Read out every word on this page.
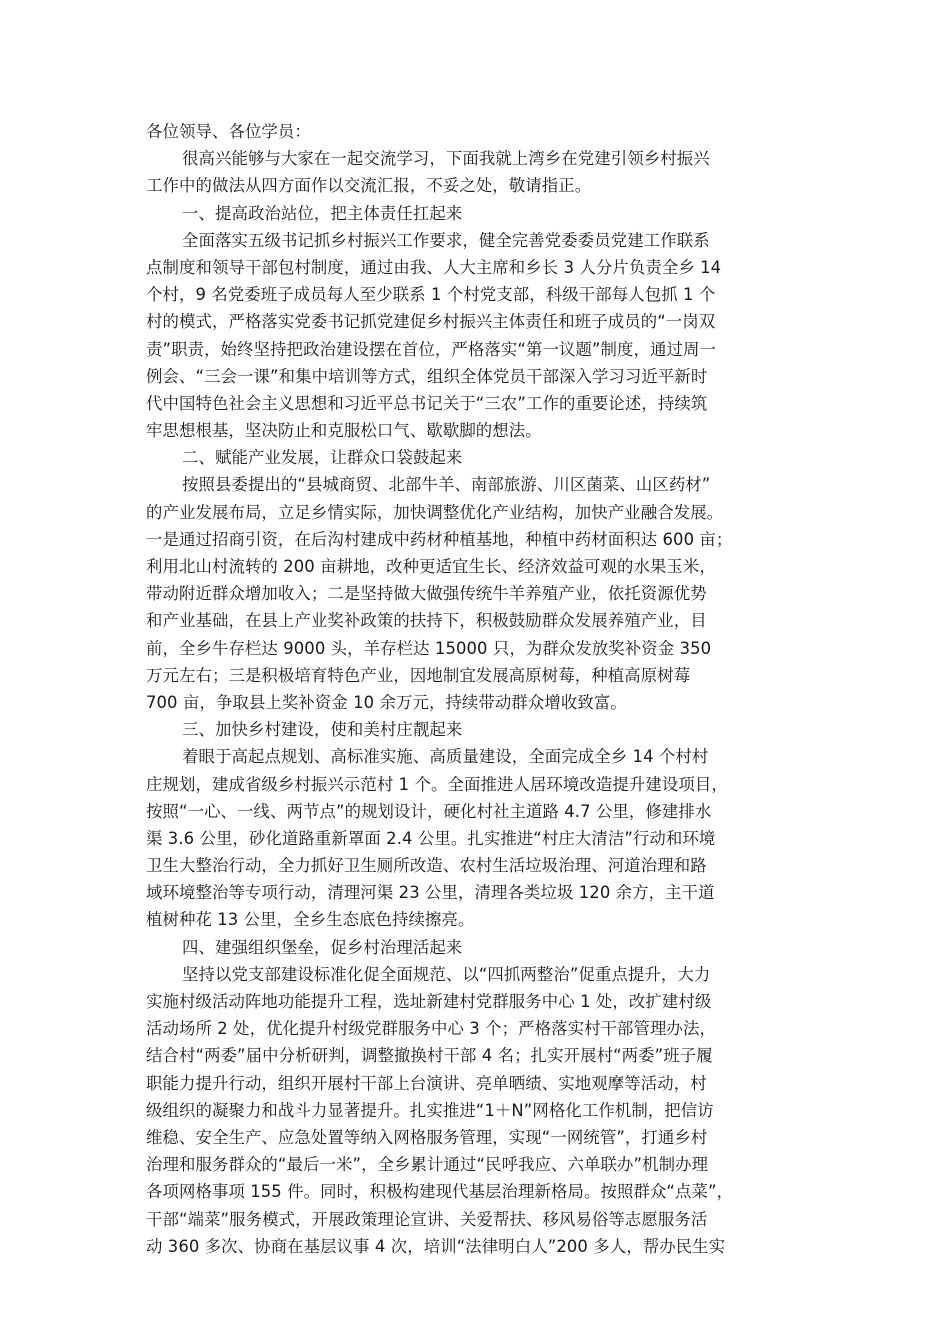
各位领导、各位学员：
很高兴能够与大家在一起交流学习，下面我就上湾乡在党建引领乡村振兴
工作中的做法从四方面作以交流汇报，不妥之处，敬请指正。
一、提高政治站位，把主体责任扛起来
全面落实五级书记抓乡村振兴工作要求，健全完善党委委员党建工作联系
点制度和领导干部包村制度，通过由我、人大主席和乡长 3 人分片负责全乡 14
个村，9 名党委班子成员每人至少联系 1 个村党支部，科级干部每人包抓 1 个
村的模式，严格落实党委书记抓党建促乡村振兴主体责任和班子成员的“一岗双
责”职责，始终坚持把政治建设摆在首位，严格落实“第一议题”制度，通过周一
例会、“三会一课”和集中培训等方式，组织全体党员干部深入学习习近平新时
代中国特色社会主义思想和习近平总书记关于“三农”工作的重要论述，持续筑
牢思想根基，坚决防止和克服松口气、歇歇脚的想法。
二、赋能产业发展，让群众口袋鼓起来
按照县委提出的“县城商贸、北部牛羊、南部旅游、川区菌菜、山区药材”
的产业发展布局，立足乡情实际，加快调整优化产业结构，加快产业融合发展。
一是通过招商引资，在后沟村建成中药材种植基地，种植中药材面积达 600 亩；
利用北山村流转的 200 亩耕地，改种更适宜生长、经济效益可观的水果玉米，
带动附近群众增加收入；二是坚持做大做强传统牛羊养殖产业，依托资源优势
和产业基础，在县上产业奖补政策的扶持下，积极鼓励群众发展养殖产业，目
前，全乡牛存栏达 9000 头，羊存栏达 15000 只，为群众发放奖补资金 350
万元左右；三是积极培育特色产业，因地制宜发展高原树莓，种植高原树莓
700 亩，争取县上奖补资金 10 余万元，持续带动群众增收致富。
三、加快乡村建设，使和美村庄靓起来
着眼于高起点规划、高标准实施、高质量建设，全面完成全乡 14 个村村
庄规划，建成省级乡村振兴示范村 1 个。全面推进人居环境改造提升建设项目，
按照“一心、一线、两节点”的规划设计，硬化村社主道路 4.7 公里，修建排水
渠 3.6 公里，砂化道路重新罩面 2.4 公里。扎实推进“村庄大清洁”行动和环境
卫生大整治行动，全力抓好卫生厕所改造、农村生活垃圾治理、河道治理和路
域环境整治等专项行动，清理河渠 23 公里，清理各类垃圾 120 余方，主干道
植树种花 13 公里，全乡生态底色持续擦亮。
四、建强组织堡垒，促乡村治理活起来
坚持以党支部建设标准化促全面规范、以“四抓两整治”促重点提升，大力
实施村级活动阵地功能提升工程，选址新建村党群服务中心 1 处，改扩建村级
活动场所 2 处，优化提升村级党群服务中心 3 个；严格落实村干部管理办法，
结合村“两委”届中分析研判，调整撤换村干部 4 名；扎实开展村“两委”班子履
职能力提升行动，组织开展村干部上台演讲、亮单晒绩、实地观摩等活动，村
级组织的凝聚力和战斗力显著提升。扎实推进“1＋N”网格化工作机制，把信访
维稳、安全生产、应急处置等纳入网格服务管理，实现“一网统管”，打通乡村
治理和服务群众的“最后一米”，全乡累计通过“民呼我应、六单联办”机制办理
各项网格事项 155 件。同时，积极构建现代基层治理新格局。按照群众“点菜”，
干部“端菜”服务模式，开展政策理论宣讲、关爱帮扶、移风易俗等志愿服务活
动 360 多次、协商在基层议事 4 次，培训“法律明白人”200 多人，帮办民生实
